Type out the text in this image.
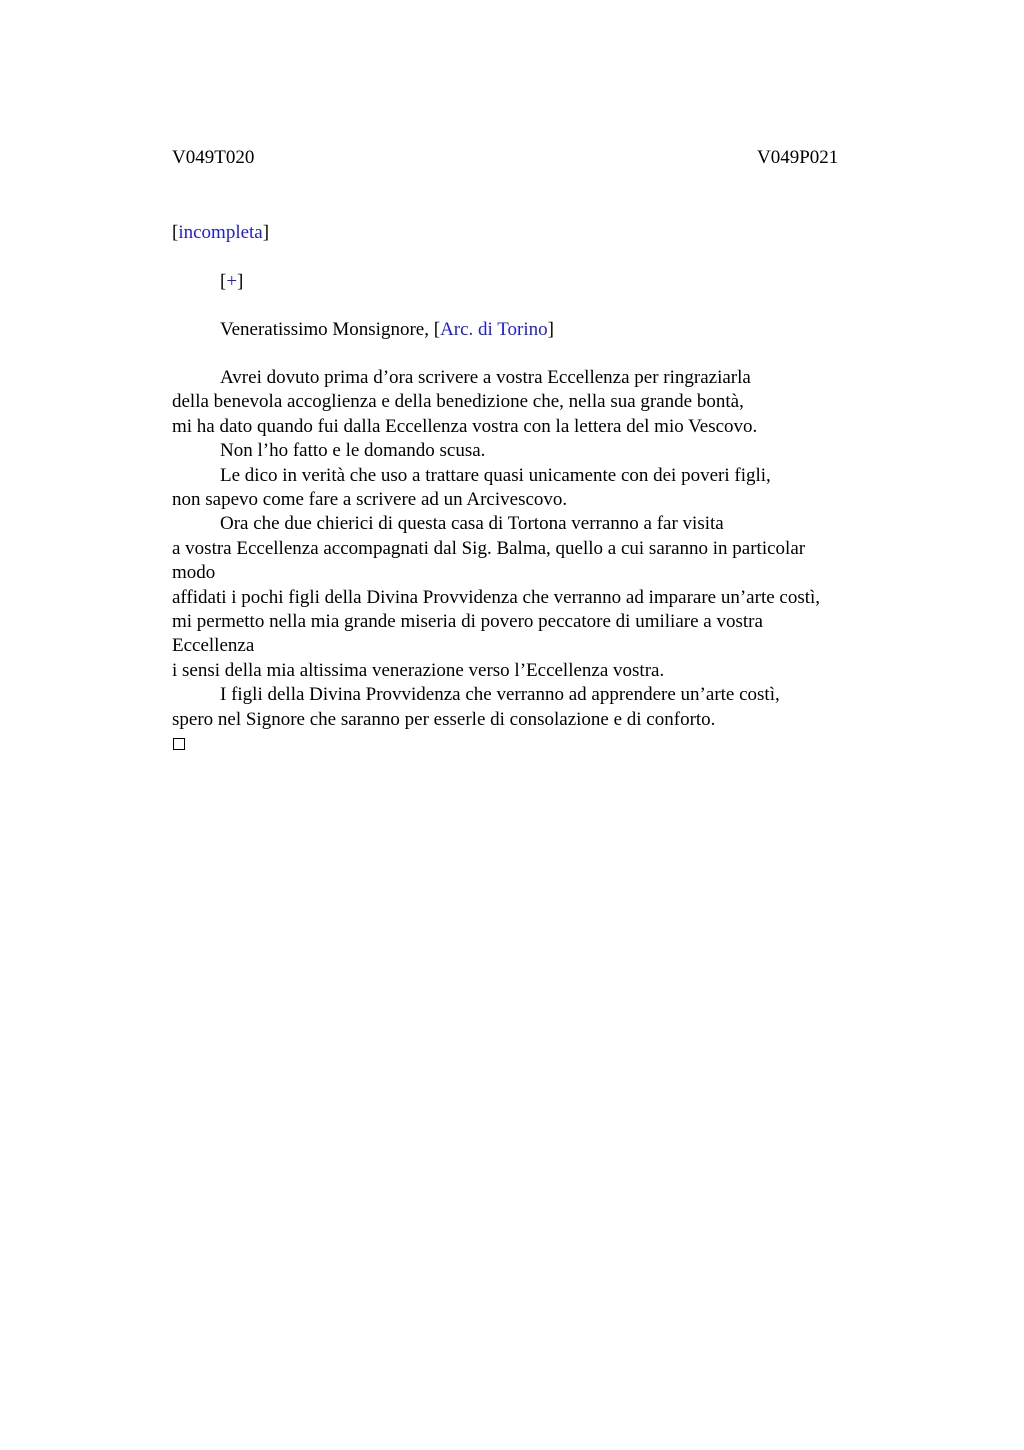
V049T020	V049P021
[incompleta]
[+]
Veneratissimo Monsignore, [Arc. di Torino]
Avrei dovuto prima d’ora scrivere a vostra Eccellenza per ringraziarla
della benevola accoglienza e della benedizione che, nella sua grande bontà,
mi ha dato quando fui dalla Eccellenza vostra con la lettera del mio Vescovo.
Non l’ho fatto e le domando scusa.
Le dico in verità che uso a trattare quasi unicamente con dei poveri figli,
non sapevo come fare a scrivere ad un Arcivescovo.
Ora che due chierici di questa casa di Tortona verranno a far visita
a vostra Eccellenza accompagnati dal Sig. Balma, quello a cui saranno in particolar
modo
affidati i pochi figli della Divina Provvidenza che verranno ad imparare un’arte costì,
mi permetto nella mia grande miseria di povero peccatore di umiliare a vostra
Eccellenza
i sensi della mia altissima venerazione verso l’Eccellenza vostra.
I figli della Divina Provvidenza che verranno ad apprendere un’arte costì,
spero nel Signore che saranno per esserle di consolazione e di conforto.
